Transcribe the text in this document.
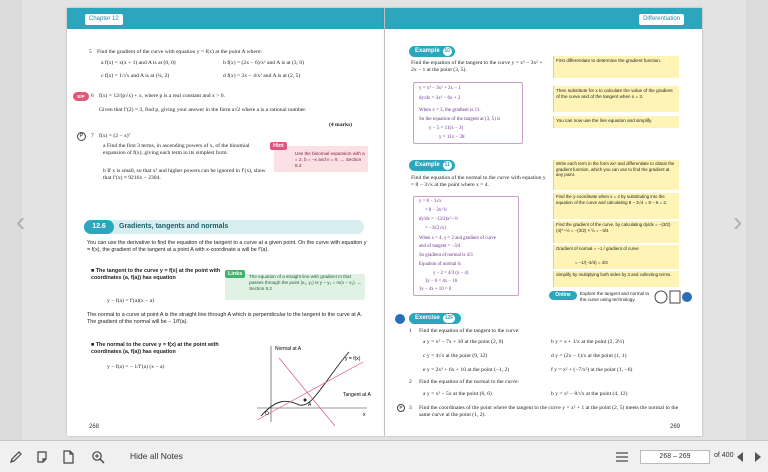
‹	›
Chapter 12
5 Find the gradient of the curve with equation y = f(x) at the point A where:
a f(x) = x(x + 1) and A is at (0, 0)	b f(x) = (2x − 6)/x² and A is at (3, 0)
c f(x) = 1/√x and A is at (¼, 2)	d f(x) = 3x − 4/x² and A is at (2, 5)
E/P	6 f(x) = 12/(p√x) + x, where p is a real constant and x > 0.
Given that f′(2) = 3, find p, giving your answer in the form a√2 where a is a rational number.
(4 marks)
P	7 f(x) = (2 − x)⁷
a Find the first 3 terms, in ascending powers of x, of the binomial expansion of f(x), giving each term in its simplest form.
b If x is small, so that x² and higher powers can be ignored in f′(x), show that f′(x) ≈ 9216x − 2304.
Hint
Use the binomial expansion with a = 2, b = −x and n = 9. ← Section 8.3
12.6	Gradients, tangents and normals
You can use the derivative to find the equation of the tangent to a curve at a given point. On the curve with equation y = f(x), the gradient of the tangent at a point A with x-coordinate a will be f′(a).
■ The tangent to the curve y = f(x) at the point with coordinates (a, f(a)) has equation
y − f(a) = f′(a)(x − a)
Links	The equation of a straight line with gradient m that passes through the point (x₁, y₁) is y − y₁ = m(x − x₁). ← Section 5.2
The normal to a curve at point A is the straight line through A which is perpendicular to the tangent to the curve at A. The gradient of the normal will be − 1/f′(a).
■ The normal to the curve y = f(x) at the point with coordinates (a, f(a)) has equation
y − f(a) = − 1/f′(a) (x − a)
Normal at A
y = f(x)
Tangent at A
A
O	x
268
Differentiation
Example 10
Find the equation of the tangent to the curve y = x³ − 3x² + 2x − 1 at the point (3, 5).
y = x³ − 3x² + 2x − 1
dy/dx = 3x² − 6x + 2
When x = 3, the gradient is 11.
So the equation of the tangent at (3, 5) is
y − 5 = 11(x − 3)
y = 11x − 28
First differentiate to determine the gradient function.
Then substitute for x to calculate the value of the gradient of the curve and of the tangent when x = 3.
You can now use the line equation and simplify.
Example 11
Find the equation of the normal to the curve with equation y = 8 − 3√x at the point where x = 4.
y = 8 − 3√x
= 8 − 3x^½
dy/dx = −(3/2)x^−½
= −3/(2√x)
When x = 4, y = 2 and gradient of curve
and of tangent = −3/4
So gradient of normal is 4/3
Equation of normal is
y − 2 = 4/3 (x − 4)
3y − 6 = 4x − 16
3y − 4x + 10 = 0
Write each term in the form axⁿ and differentiate to obtain the gradient function, which you can use to find the gradient at any point.
Find the y-coordinate when x = 4 by substituting into the equation of the curve and calculating 8 − 3√4 = 8 − 6 = 2.
Find the gradient of the curve, by calculating dy/dx = −(3/2)(4)^−½ = −(3/2) × ½ = −3/4
Gradient of normal = −1 / gradient of curve
= −1/(−3/4) = 4/3
Simplify by multiplying both sides by 3 and collecting terms.
Online	Explore the tangent and normal to the curve using technology.
Exercise 12F
1 Find the equation of the tangent to the curve:
a y = x² − 7x + 10 at the point (2, 0)	b y = x + 1/x at the point (2, 2½)
c y = 4√x at the point (9, 12)	d y = (2x − 1)/x at the point (1, 1)
e y = 2x³ + 6x + 10 at the point (−1, 2)	f y = x² + (−7/x²) at the point (1, −6)
2 Find the equation of the normal to the curve:
a y = x² − 5x at the point (6, 6)	b y = x² − 8/√x at the point (4, 12)
P	3 Find the coordinates of the point where the tangent to the curve y = x² + 1 at the point (2, 5) meets the normal to the same curve at the point (1, 2).
269
Hide all Notes	268 – 269	of 400
